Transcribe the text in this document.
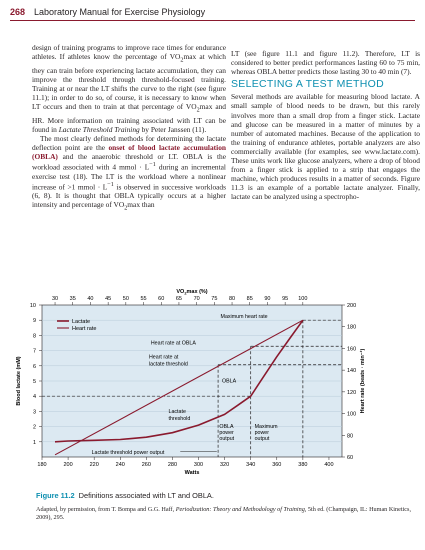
268 Laboratory Manual for Exercise Physiology

design of training programs to improve race times for endurance athletes. If athletes know the percentage of $VO_2\max$ at which they can train before experiencing lactate accumulation, they can improve the threshold through threshold-focused training. Training at or near the LT shifts the curve to the right (see figure 11.1); in order to do so, of course, it is necessary to know when LT occurs and then to train at that percentage of $VO_2\max$ and HR. More information on training associated with LT can be found in Lactate Threshold Training by Peter Janssen (11).

The most clearly defined methods for determining the lactate deflection point are the onset of blood lactate accumulation (OBLA) and the anaerobic threshold or LT. OBLA is the workload associated with 4 mmol · $L^{-1}$ during an incremental exercise test (18). The LT is the workload where a nonlinear increase of >1 mmol · $L^{-1}$ is observed in successive workloads (6, 8). It is thought that OBLA typically occurs at a higher intensity and percentage of $VO_2\max$ than

LT (see figure 11.1 and figure 11.2). Therefore, LT is considered to better predict performances lasting 60 to 75 min, whereas OBLA better predicts those lasting 30 to 40 min (7).

SELECTING A TEST METHOD

Several methods are available for measuring blood lactate. A small sample of blood needs to be drawn, but this rarely involves more than a small drop from a finger stick. Lactate and glucose can be measured in a matter of minutes by a number of automated machines. Because of the application to the training of endurance athletes, portable analyzers are also commercially available (for examples, see www.lactate.com). These units work like glucose analyzers, where a drop of blood from a finger stick is applied to a strip that engages the machine, which produces results in a matter of seconds. Figure 11.3 is an example of a portable lactate analyzer. Finally, lactate can be analyzed using a spectropho-

1
2
3
4
5
6
7
8
9
10
60
80
100
120
140
160
180
200
180	200	220	240	260	280	300	320	340	360	380	400
30 35 40 45 50 55 60 65 70 75 80 85 90 95 100
$VO_2\max$ (%)
Watts
Blood lactate (mM)	Heart rate (beats · min⁻¹)
Lactate
Heart rate
Maximum heart rate
Heart rate at OBLA
Heart rate at
lactate threshold
OBLA
Lactate
threshold
OBLA
power
output
Maximum
power
output
Lactate threshold power output
Figure 11.2 Definitions associated with LT and OBLA.
Adapted, by permission, from T. Bompa and G.G. Haff, Periodization: Theory and Methodology of Training, 5th ed. (Champaign, IL: Human Kinetics, 2009), 295.
